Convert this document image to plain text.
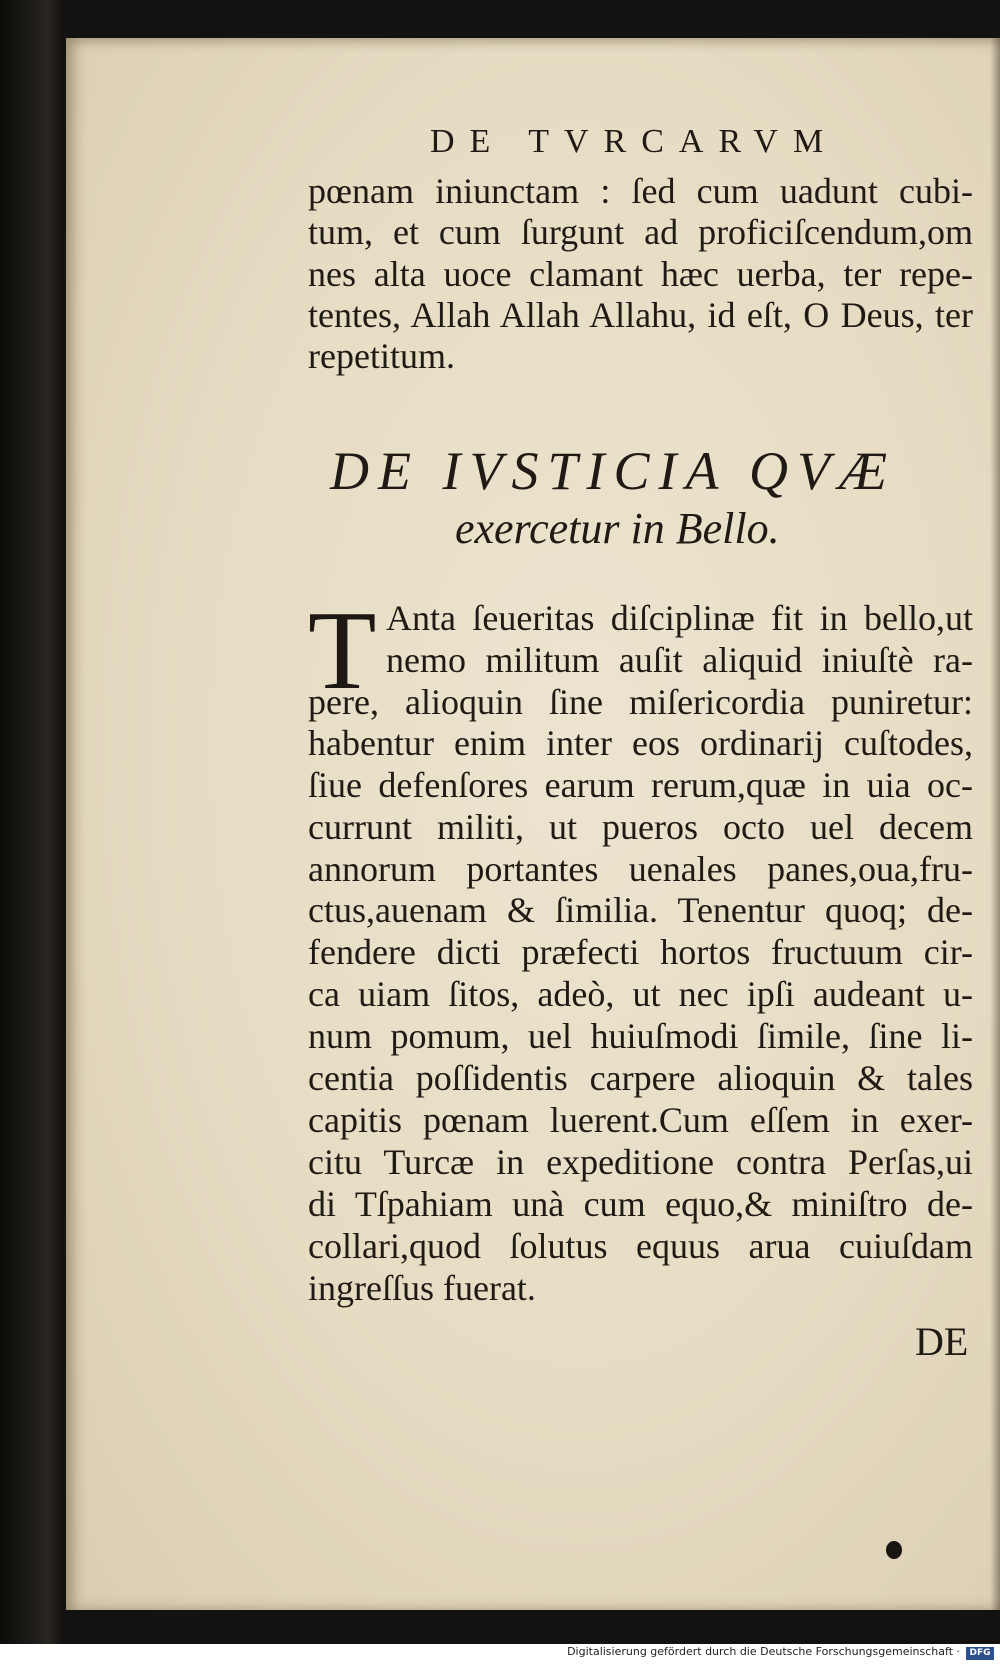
DE TVRCARVM
pœnam iniunctam : ſed cum uadunt cubi-
tum, et cum ſurgunt ad proficiſcendum,om
nes alta uoce clamant hæc uerba, ter repe-
tentes, Allah Allah Allahu, id eſt, O Deus, ter
repetitum.
DE IVSTICIA QVÆ
exercetur in Bello.
T Anta ſeueritas diſciplinæ fit in bello,ut
nemo militum auſit aliquid iniuſtè ra-
pere, alioquin ſine miſericordia puniretur:
habentur enim inter eos ordinarij cuſtodes,
ſiue defenſores earum rerum,quæ in uia oc-
currunt militi, ut pueros octo uel decem
annorum portantes uenales panes,oua,fru-
ctus,auenam & ſimilia. Tenentur quoq; de-
fendere dicti præfecti hortos fructuum cir-
ca uiam ſitos, adeò, ut nec ipſi audeant u-
num pomum, uel huiuſmodi ſimile, ſine li-
centia poſſidentis carpere alioquin & tales
capitis pœnam luerent.Cum eſſem in exer-
citu Turcæ in expeditione contra Perſas,ui
di Tſpahiam unà cum equo,& miniſtro de-
collari,quod ſolutus equus arua cuiuſdam
ingreſſus fuerat.
DE
Digitalisierung gefördert durch die Deutsche Forschungsgemeinschaft ·	DFG
